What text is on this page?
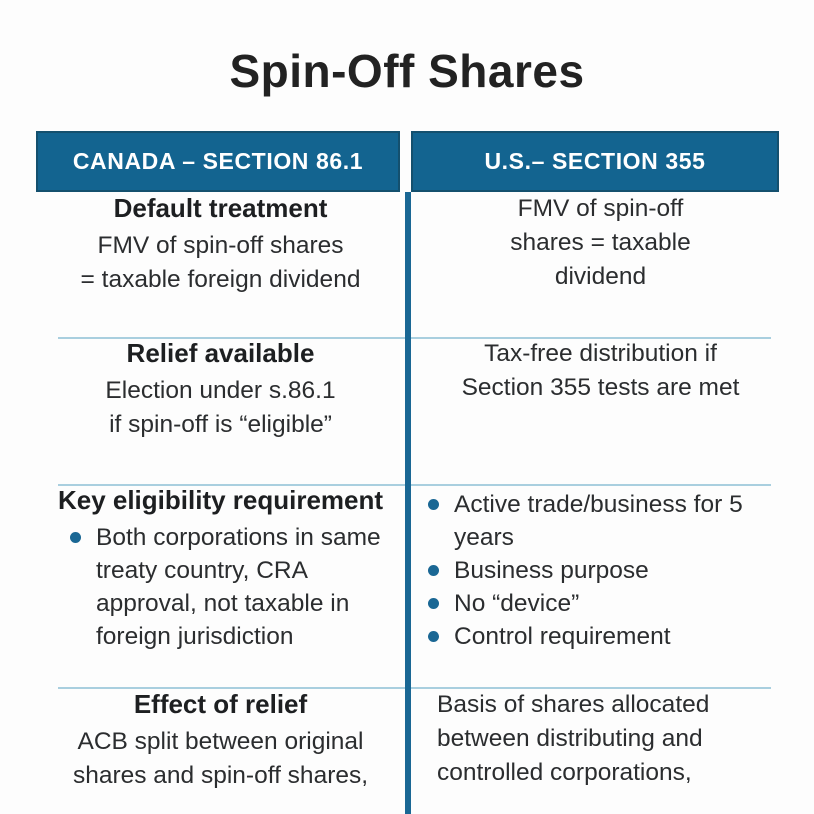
Spin-Off Shares
CANADA – SECTION 86.1	U.S.– SECTION 355
Default treatment
FMV of spin-off shares
= taxable foreign dividend
FMV of spin-off
shares = taxable
dividend
Relief available
Election under s.86.1
if spin-off is “eligible”
Tax-free distribution if
Section 355 tests are met
Key eligibility requirement
Both corporations in same treaty country, CRA approval, not taxable in foreign jurisdiction
Active trade/business for 5 years
Business purpose
No “device”
Control requirement
Effect of relief
ACB split between original
shares and spin-off shares,
Basis of shares allocated
between distributing and
controlled corporations,
